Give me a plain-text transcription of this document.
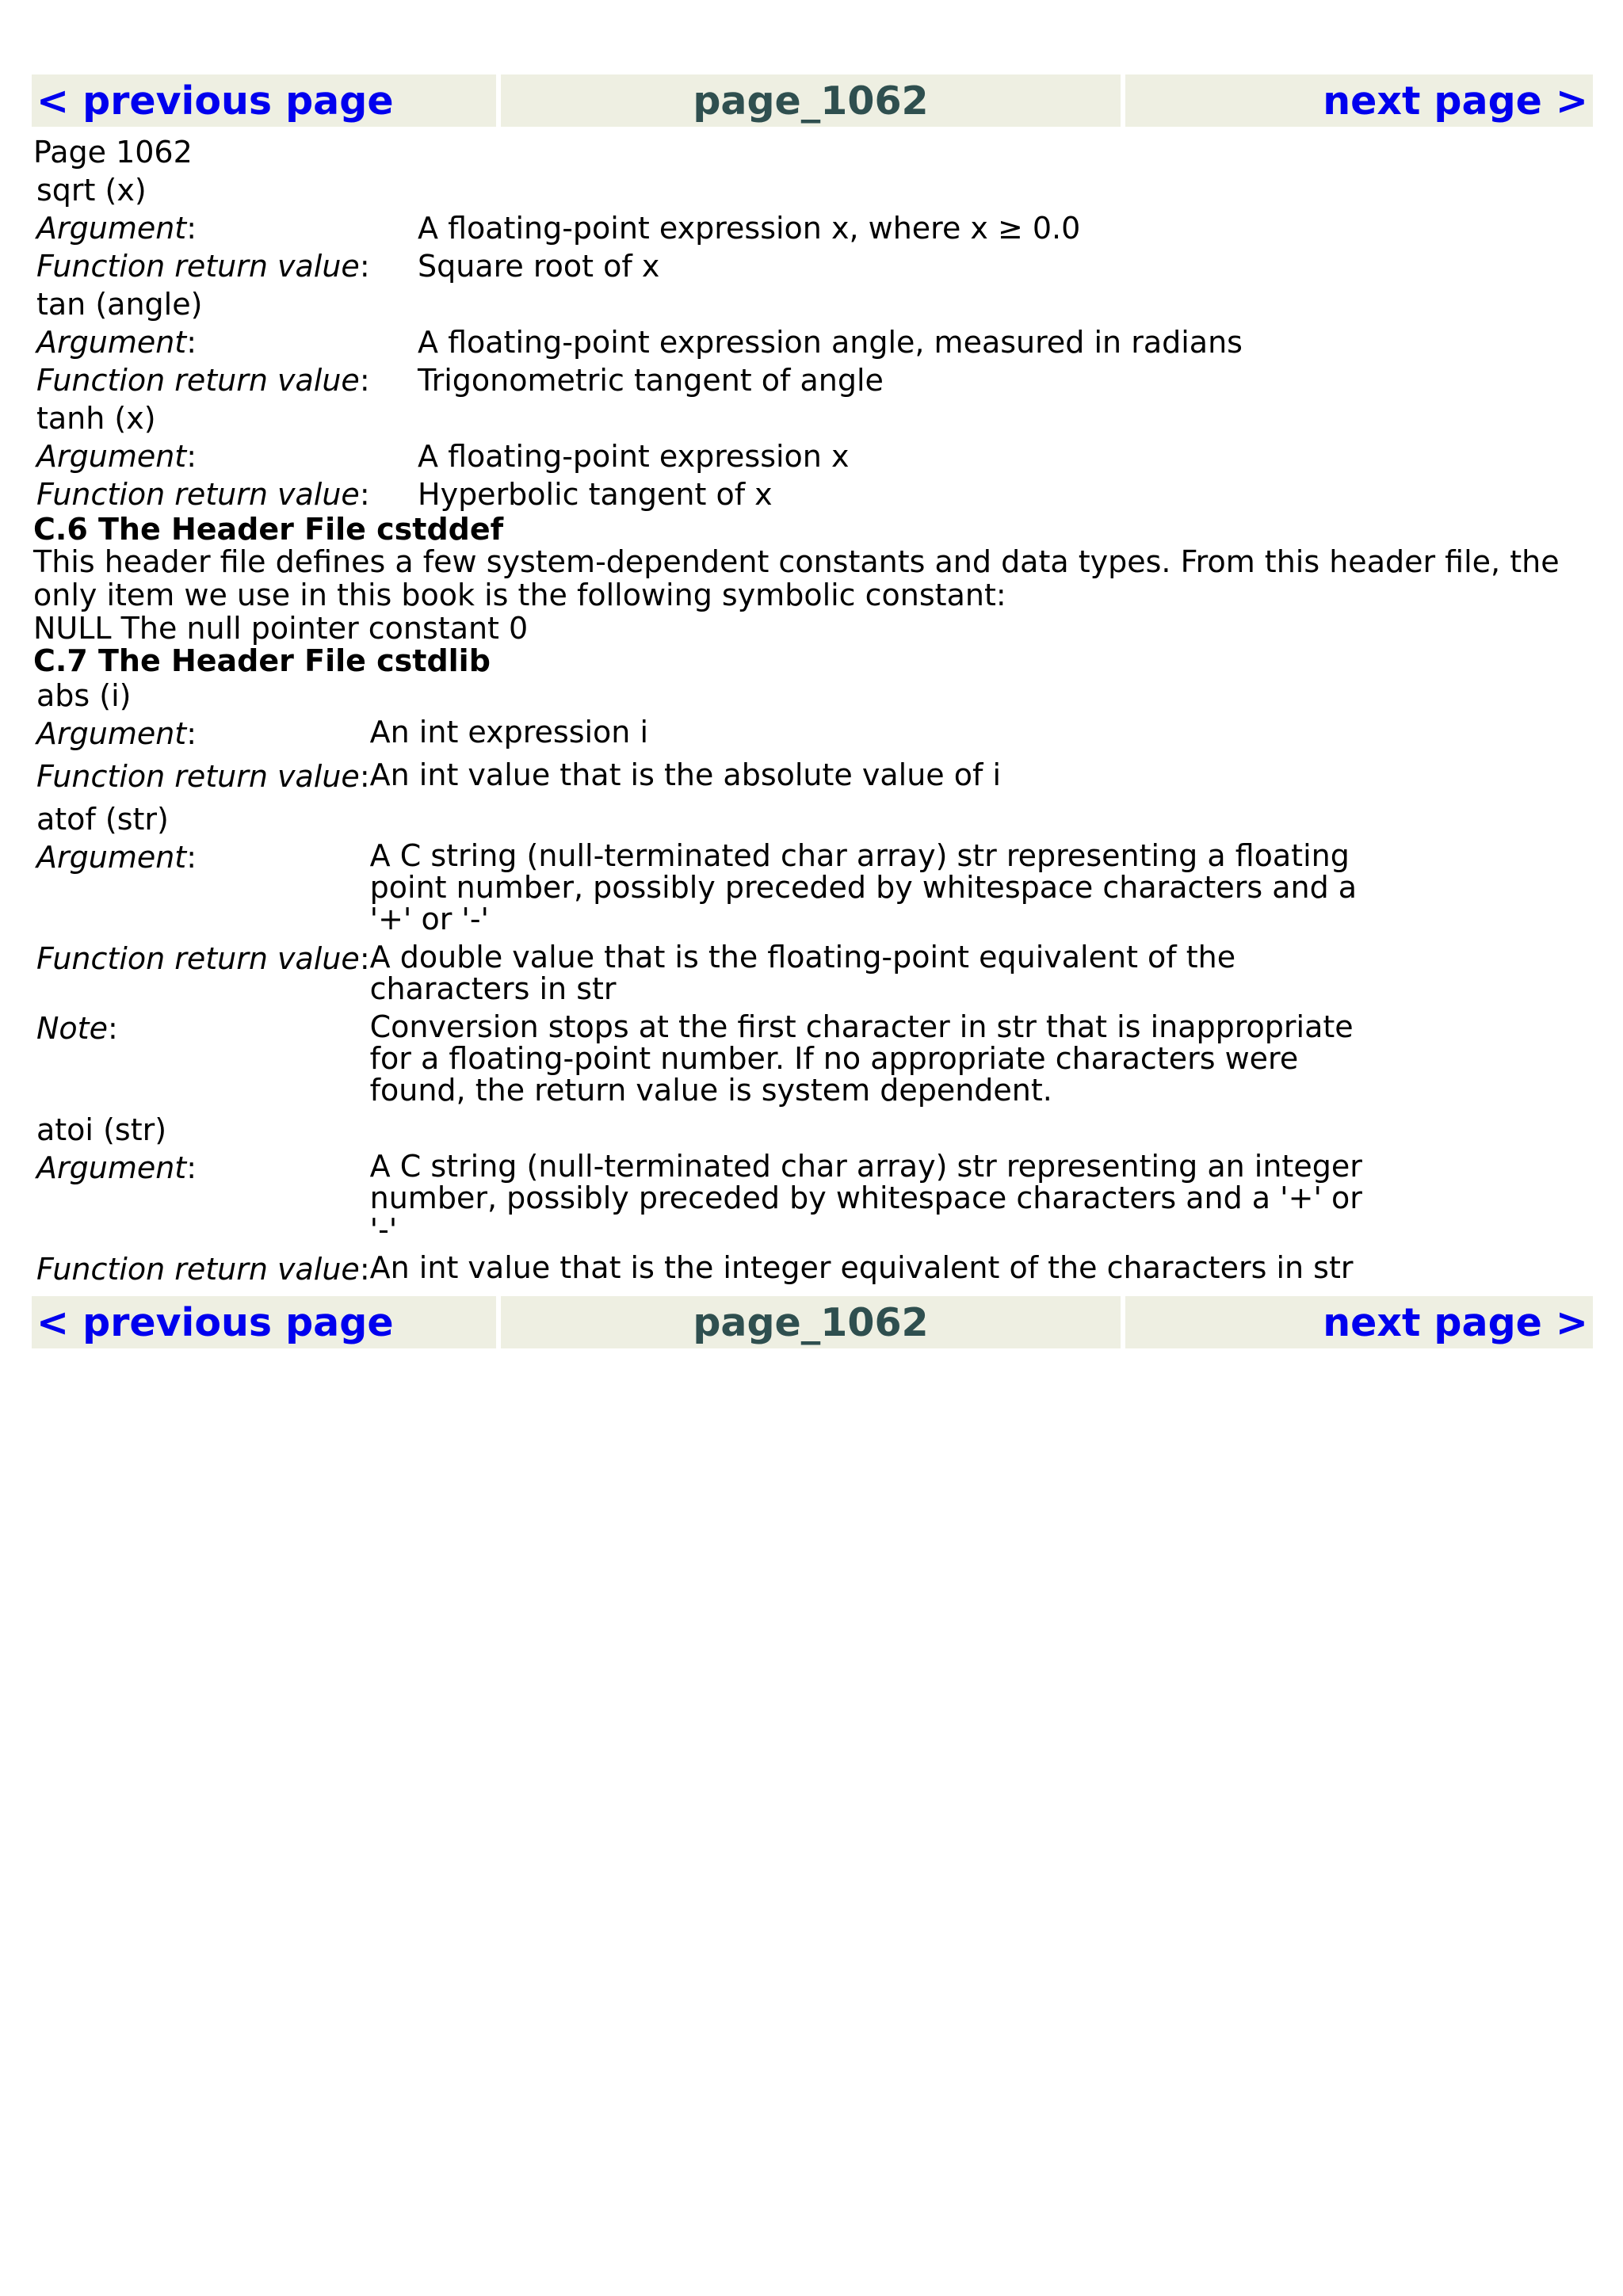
< previous page	page_1062	next page >
Page 1062
sqrt (x)
Argument:	A floating-point expression x, where x ≥ 0.0
Function return value:	Square root of x
tan (angle)
Argument:	A floating-point expression angle, measured in radians
Function return value:	Trigonometric tangent of angle
tanh (x)
Argument:	A floating-point expression x
Function return value:	Hyperbolic tangent of x
C.6 The Header File cstddef
This header file defines a few system-dependent constants and data types. From this header file, the only item we use in this book is the following symbolic constant:
NULL The null pointer constant 0
C.7 The Header File cstdlib
abs (i)
Argument:	An int expression i
Function return value:	An int value that is the absolute value of i
atof (str)
Argument:	A C string (null-terminated char array) str representing a floating point number, possibly preceded by whitespace characters and a '+' or '-'
Function return value:	A double value that is the floating-point equivalent of the characters in str
Note:	Conversion stops at the first character in str that is inappropriate for a floating-point number. If no appropriate characters were found, the return value is system dependent.
atoi (str)
Argument:	A C string (null-terminated char array) str representing an integer number, possibly preceded by whitespace characters and a '+' or '-'
Function return value:	An int value that is the integer equivalent of the characters in str
< previous page	page_1062	next page >
